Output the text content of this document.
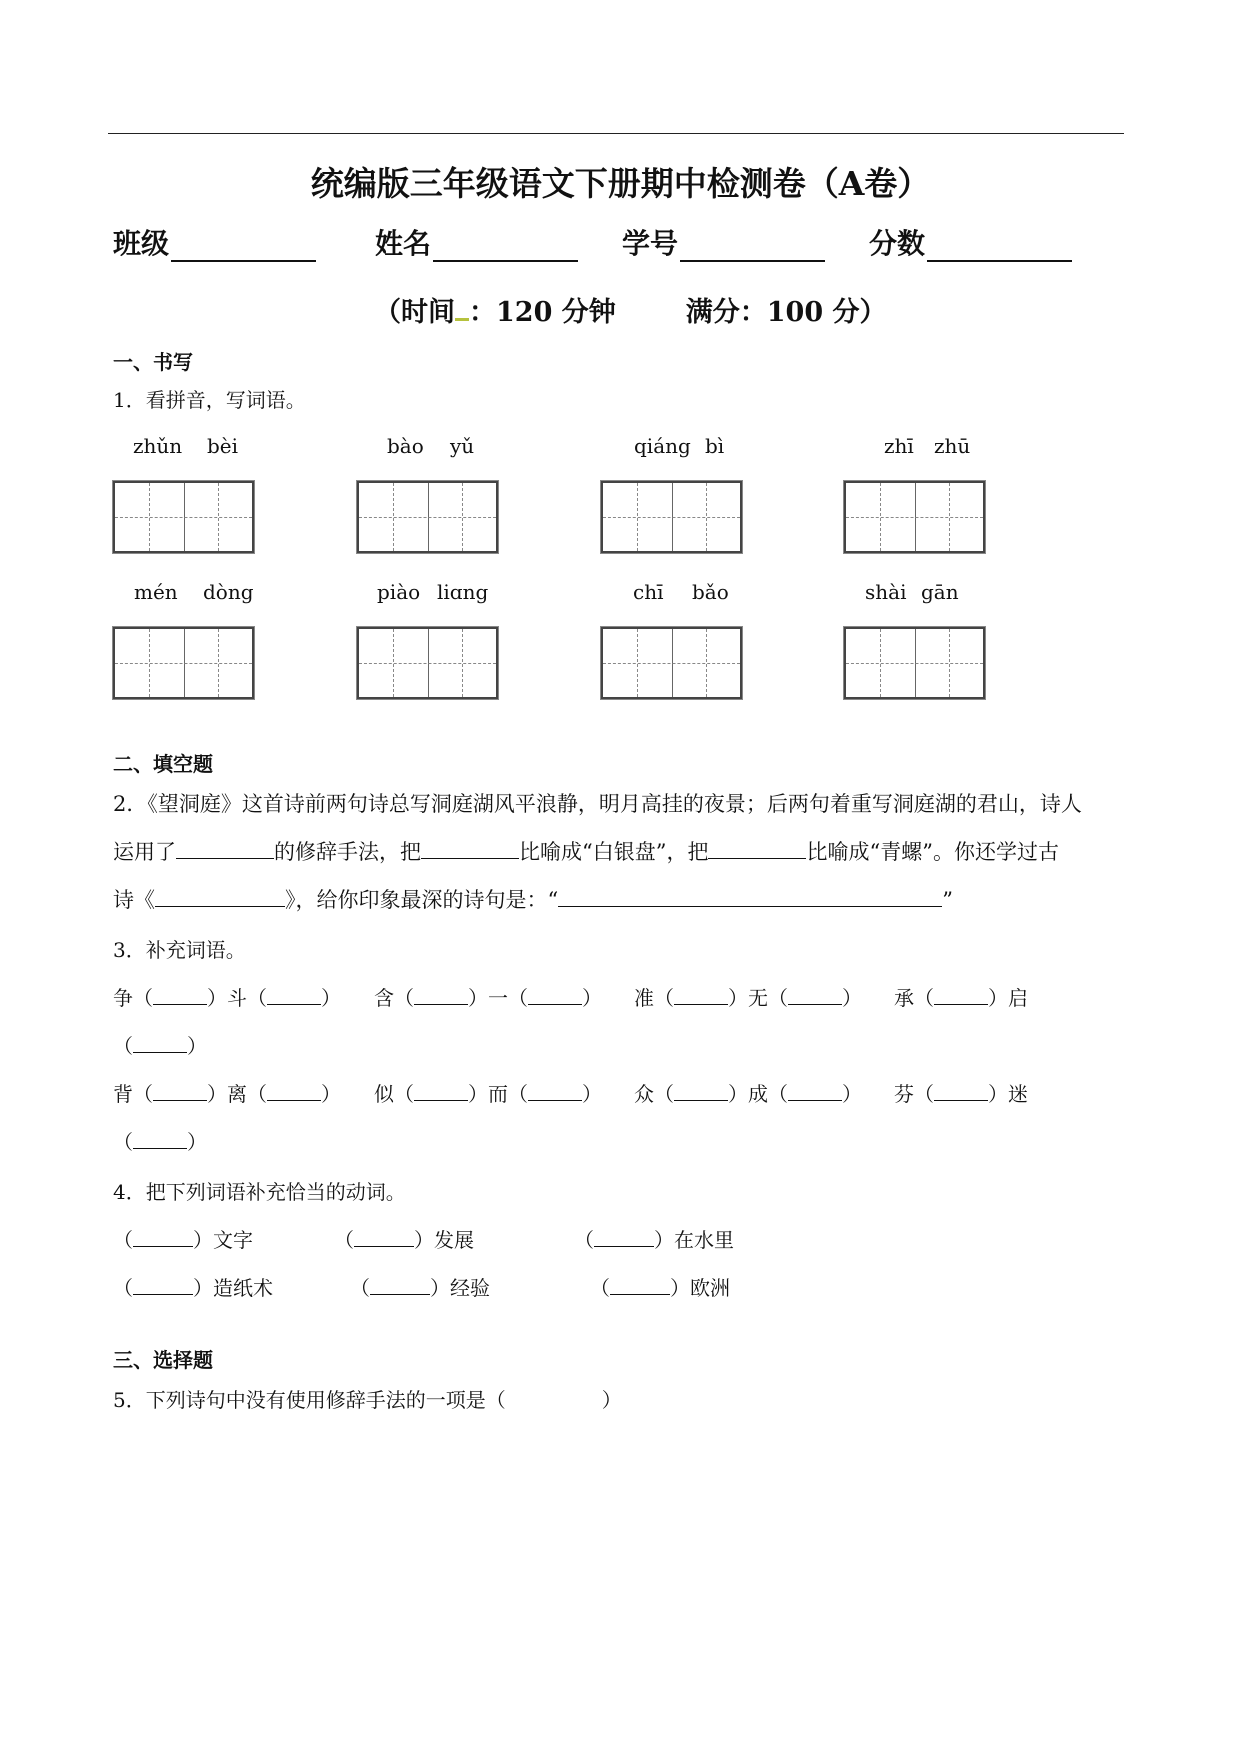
统编版三年级语文下册期中检测卷（A卷）
班级	姓名	学号	分数
（时间 ：120 分钟	满分：100 分）
一、书写
1．看拼音，写词语。
zhǔn bèi	bào yǔ	qiáng bì	zhī zhū
mén dòng	piào liɑng	chī bǎo	shài gān
二、填空题
2．《望洞庭》这首诗前两句诗总写洞庭湖风平浪静，明月高挂的夜景；后两句着重写洞庭湖的君山，诗人
运用了	的修辞手法，把	比喻成“白银盘”，把	比喻成“青螺”。你还学过古
诗《	》，给你印象最深的诗句是：“	”
3．补充词语。
争（	）斗（	） 含（	）一（	） 准（	）无（	） 承（	）启
（	）
背（	）离（	） 似（	）而（	） 众（	）成（	） 芬（	）迷
（	）
4．把下列词语补充恰当的动词。
（	）文字	（	）发展	（	）在水里
（	）造纸术	（	）经验	（	）欧洲
三、选择题
5．下列诗句中没有使用修辞手法的一项是（	）
